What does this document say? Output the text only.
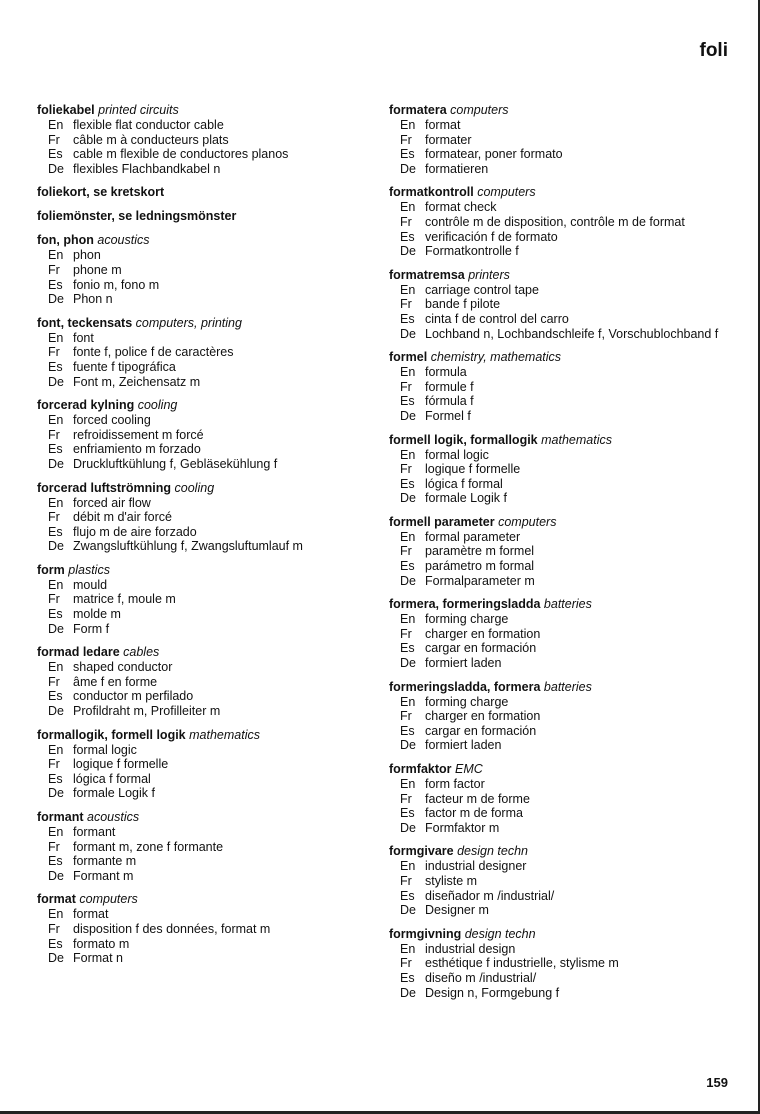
foli
foliekabel printed circuits
En flexible flat conductor cable
Fr	câble m à conducteurs plats
Es cable m flexible de conductores planos
De flexibles Flachbandkabel n
foliekort, se kretskort
foliemönster, se ledningsmönster
fon, phon acoustics
En phon
Fr	phone m
Es fonio m, fono m
De Phon n
font, teckensats computers, printing
En font
Fr	fonte f, police f de caractères
Es fuente f tipográfica
De Font m, Zeichensatz m
forcerad kylning cooling
En forced cooling
Fr	refroidissement m forcé
Es enfriamiento m forzado
De Druckluftkühlung f, Gebläsekühlung f
forcerad luftströmning cooling
En forced air flow
Fr	débit m d'air forcé
Es flujo m de aire forzado
De Zwangsluftkühlung f, Zwangsluftumlauf m
form plastics
En mould
Fr	matrice f, moule m
Es molde m
De Form f
formad ledare cables
En shaped conductor
Fr	âme f en forme
Es conductor m perfilado
De Profildraht m, Profilleiter m
formallogik, formell logik mathematics
En formal logic
Fr	logique f formelle
Es lógica f formal
De formale Logik f
formant acoustics
En formant
Fr	formant m, zone f formante
Es formante m
De Formant m
format computers
En format
Fr	disposition f des données, format m
Es formato m
De Format n
formatera computers
En format
Fr	formater
Es formatear, poner formato
De formatieren
formatkontroll computers
En format check
Fr	contrôle m de disposition, contrôle m de format
Es verificación f de formato
De Formatkontrolle f
formatremsa printers
En carriage control tape
Fr	bande f pilote
Es cinta f de control del carro
De Lochband n, Lochbandschleife f, Vorschublochband f
formel chemistry, mathematics
En formula
Fr	formule f
Es fórmula f
De Formel f
formell logik, formallogik mathematics
En formal logic
Fr	logique f formelle
Es lógica f formal
De formale Logik f
formell parameter computers
En formal parameter
Fr	paramètre m formel
Es parámetro m formal
De Formalparameter m
formera, formeringsladda batteries
En forming charge
Fr	charger en formation
Es cargar en formación
De formiert laden
formeringsladda, formera batteries
En forming charge
Fr	charger en formation
Es cargar en formación
De formiert laden
formfaktor EMC
En form factor
Fr	facteur m de forme
Es factor m de forma
De Formfaktor m
formgivare design techn
En industrial designer
Fr	styliste m
Es diseñador m /industrial/
De Designer m
formgivning design techn
En industrial design
Fr	esthétique f industrielle, stylisme m
Es diseño m /industrial/
De Design n, Formgebung f
159
